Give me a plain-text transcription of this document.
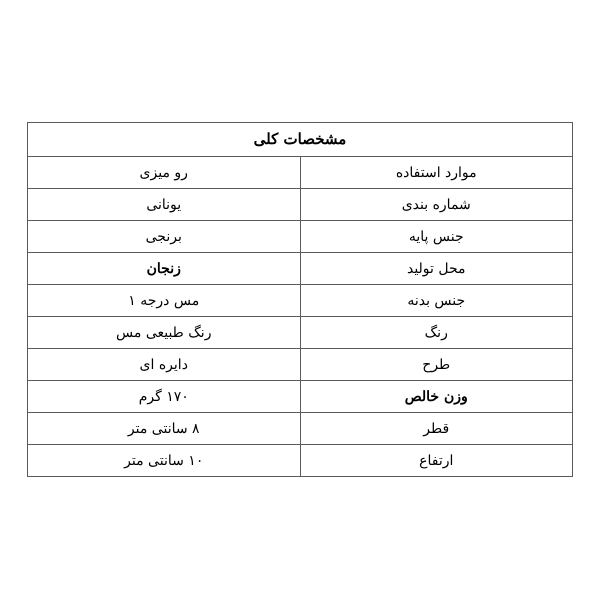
مشخصات کلی	
موارد استفاده	رو میزی
شماره بندی	یونانی
جنس پایه	برنجی
محل تولید	زنجان
جنس بدنه	مس درجه ۱
رنگ	رنگ طبیعی مس
طرح	دایره ای
وزن خالص	۱۷۰ گرم
قطر	۸ سانتی متر
ارتفاع	۱۰ سانتی متر
